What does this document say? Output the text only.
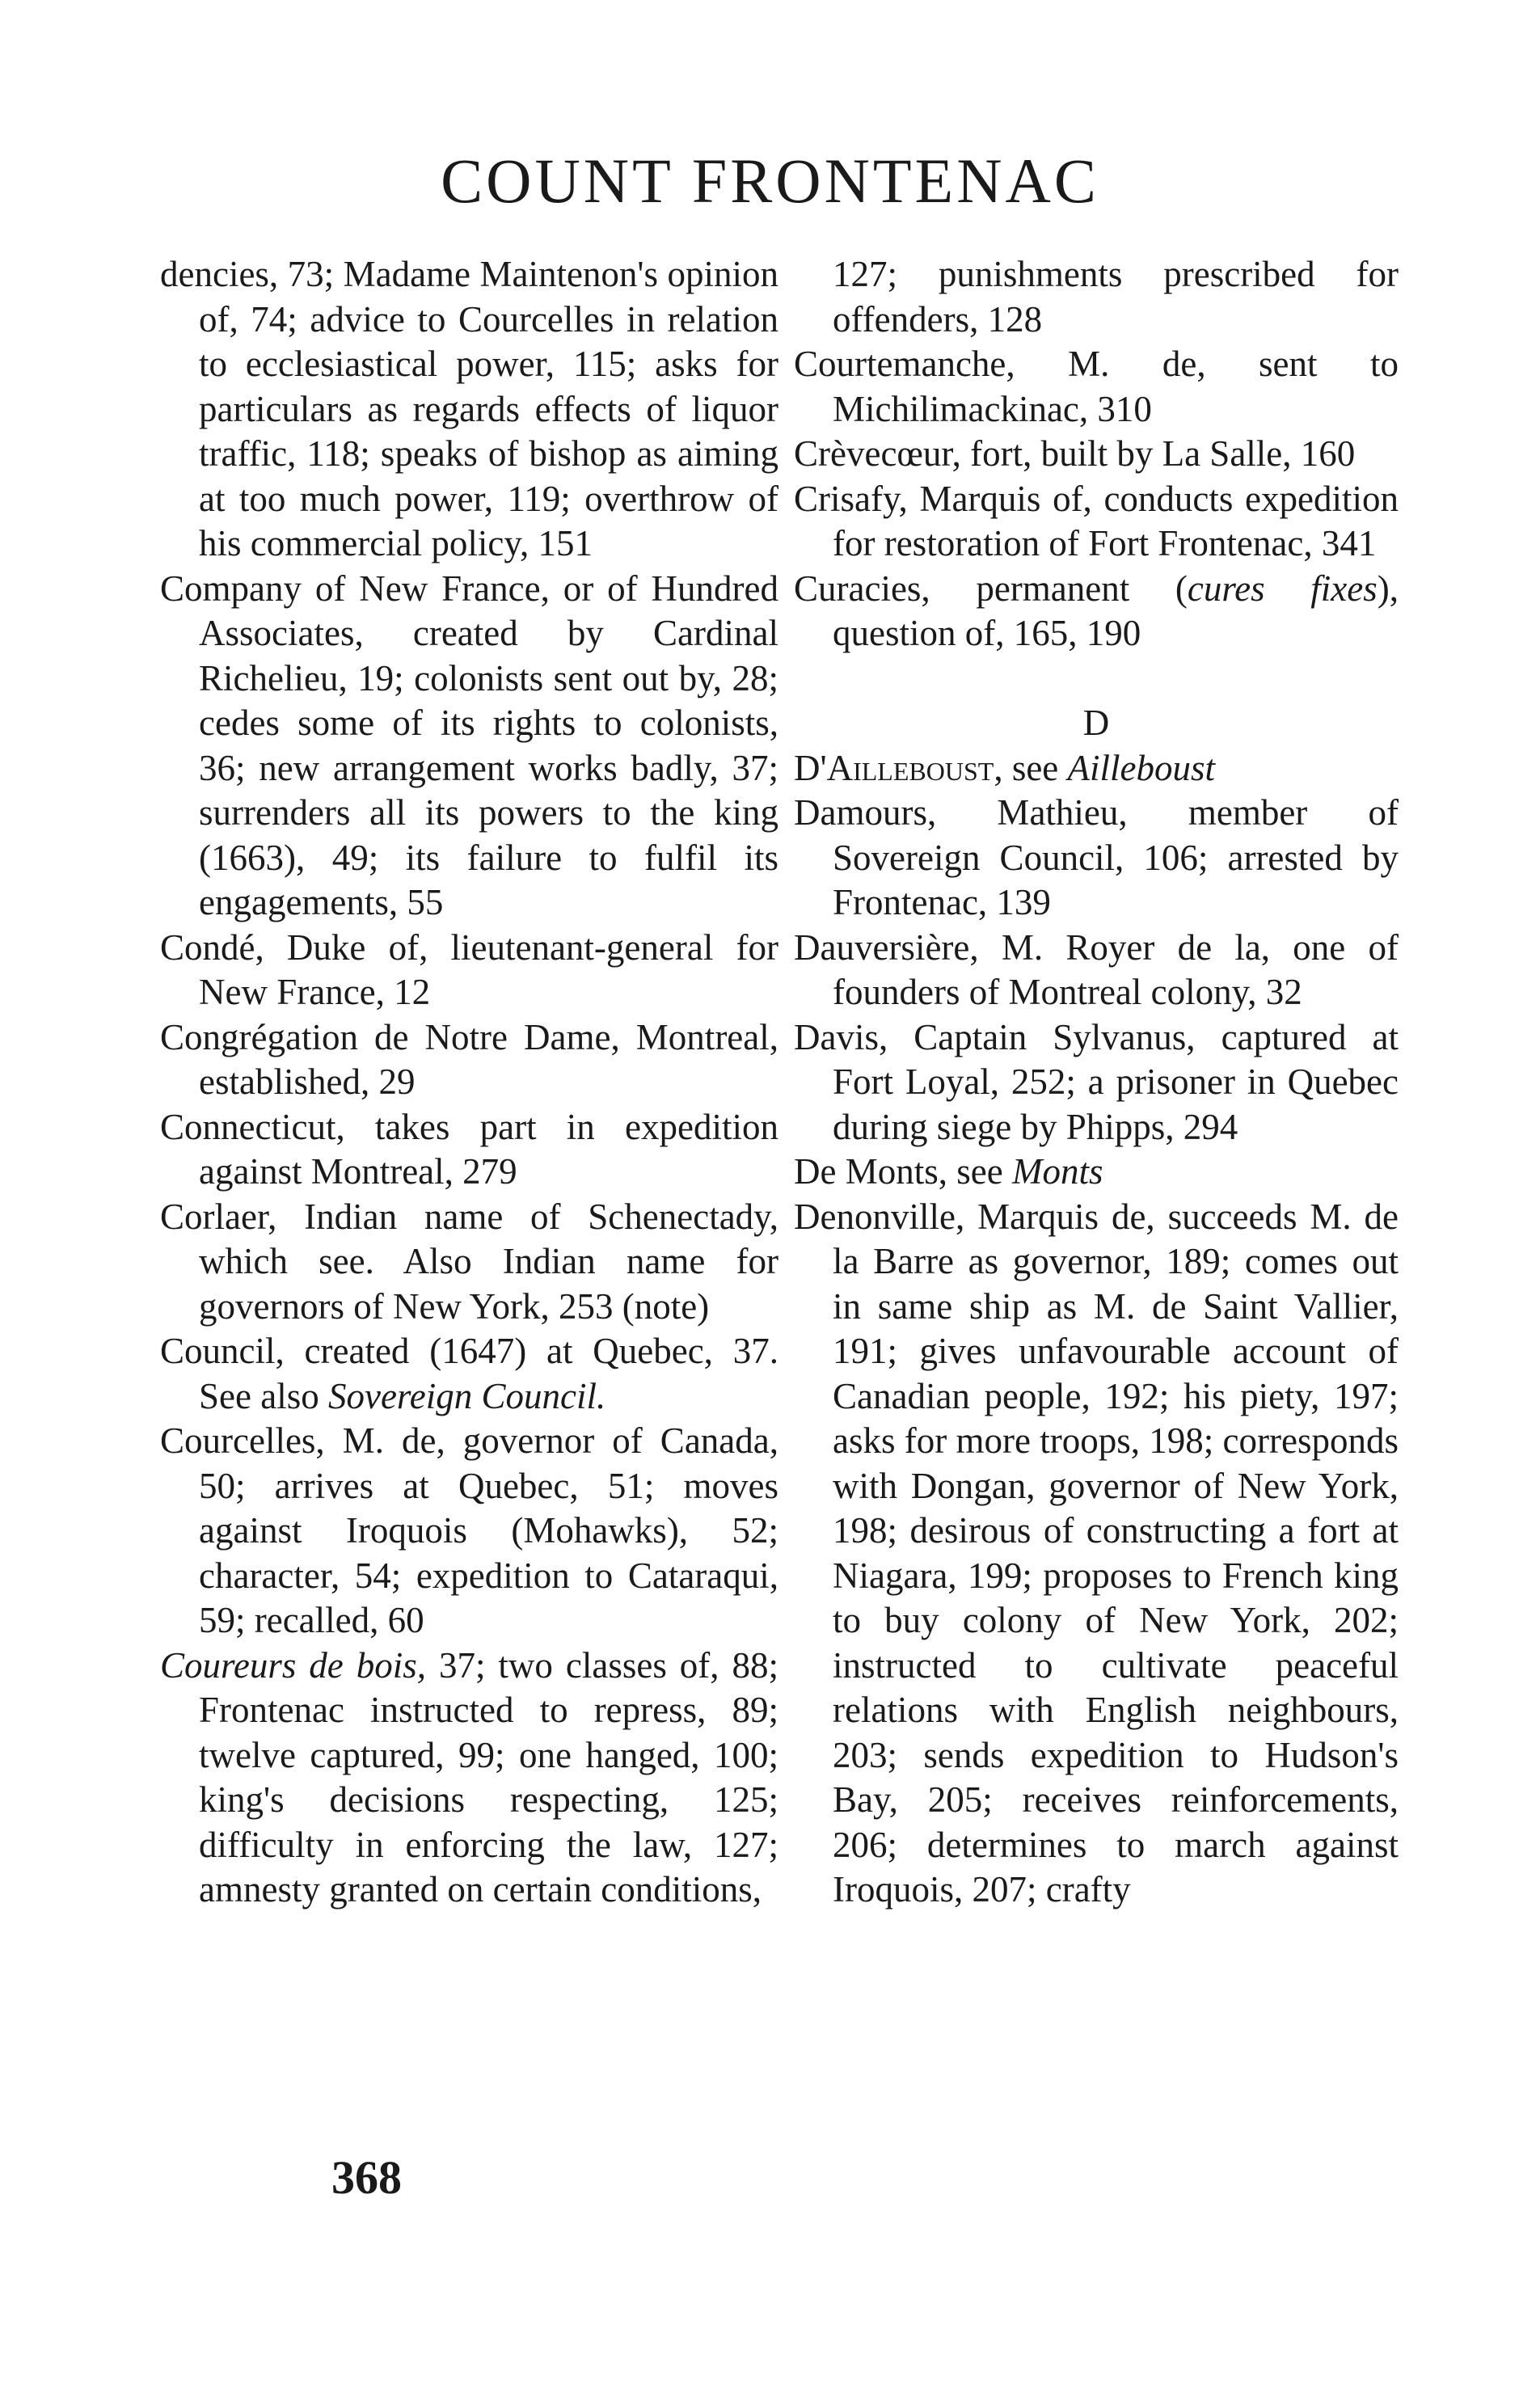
COUNT FRONTENAC

dencies, 73; Madame Maintenon's opinion of, 74; advice to Courcelles in relation to ecclesiastical power, 115; asks for particulars as regards effects of liquor traffic, 118; speaks of bishop as aiming at too much power, 119; overthrow of his commercial policy, 151

Company of New France, or of Hundred Associates, created by Cardinal Richelieu, 19; colonists sent out by, 28; cedes some of its rights to colonists, 36; new arrangement works badly, 37; surrenders all its powers to the king (1663), 49; its failure to fulfil its engagements, 55

Condé, Duke of, lieutenant-general for New France, 12

Congrégation de Notre Dame, Montreal, established, 29

Connecticut, takes part in expedition against Montreal, 279

Corlaer, Indian name of Schenectady, which see. Also Indian name for governors of New York, 253 (note)

Council, created (1647) at Quebec, 37. See also Sovereign Council.

Courcelles, M. de, governor of Canada, 50; arrives at Quebec, 51; moves against Iroquois (Mohawks), 52; character, 54; expedition to Cataraqui, 59; recalled, 60

Coureurs de bois, 37; two classes of, 88; Frontenac instructed to repress, 89; twelve captured, 99; one hanged, 100; king's decisions respecting, 125; difficulty in enforcing the law, 127; amnesty granted on certain conditions,

127; punishments prescribed for offenders, 128

Courtemanche, M. de, sent to Michilimackinac, 310

Crèvecœur, fort, built by La Salle, 160

Crisafy, Marquis of, conducts expedition for restoration of Fort Frontenac, 341

Curacies, permanent (cures fixes), question of, 165, 190

D

D'Ailleboust, see Ailleboust

Damours, Mathieu, member of Sovereign Council, 106; arrested by Frontenac, 139

Dauversière, M. Royer de la, one of founders of Montreal colony, 32

Davis, Captain Sylvanus, captured at Fort Loyal, 252; a prisoner in Quebec during siege by Phipps, 294

De Monts, see Monts

Denonville, Marquis de, succeeds M. de la Barre as governor, 189; comes out in same ship as M. de Saint Vallier, 191; gives unfavourable account of Canadian people, 192; his piety, 197; asks for more troops, 198; corresponds with Dongan, governor of New York, 198; desirous of constructing a fort at Niagara, 199; proposes to French king to buy colony of New York, 202; instructed to cultivate peaceful relations with English neighbours, 203; sends expedition to Hudson's Bay, 205; receives reinforcements, 206; determines to march against Iroquois, 207; crafty

368
